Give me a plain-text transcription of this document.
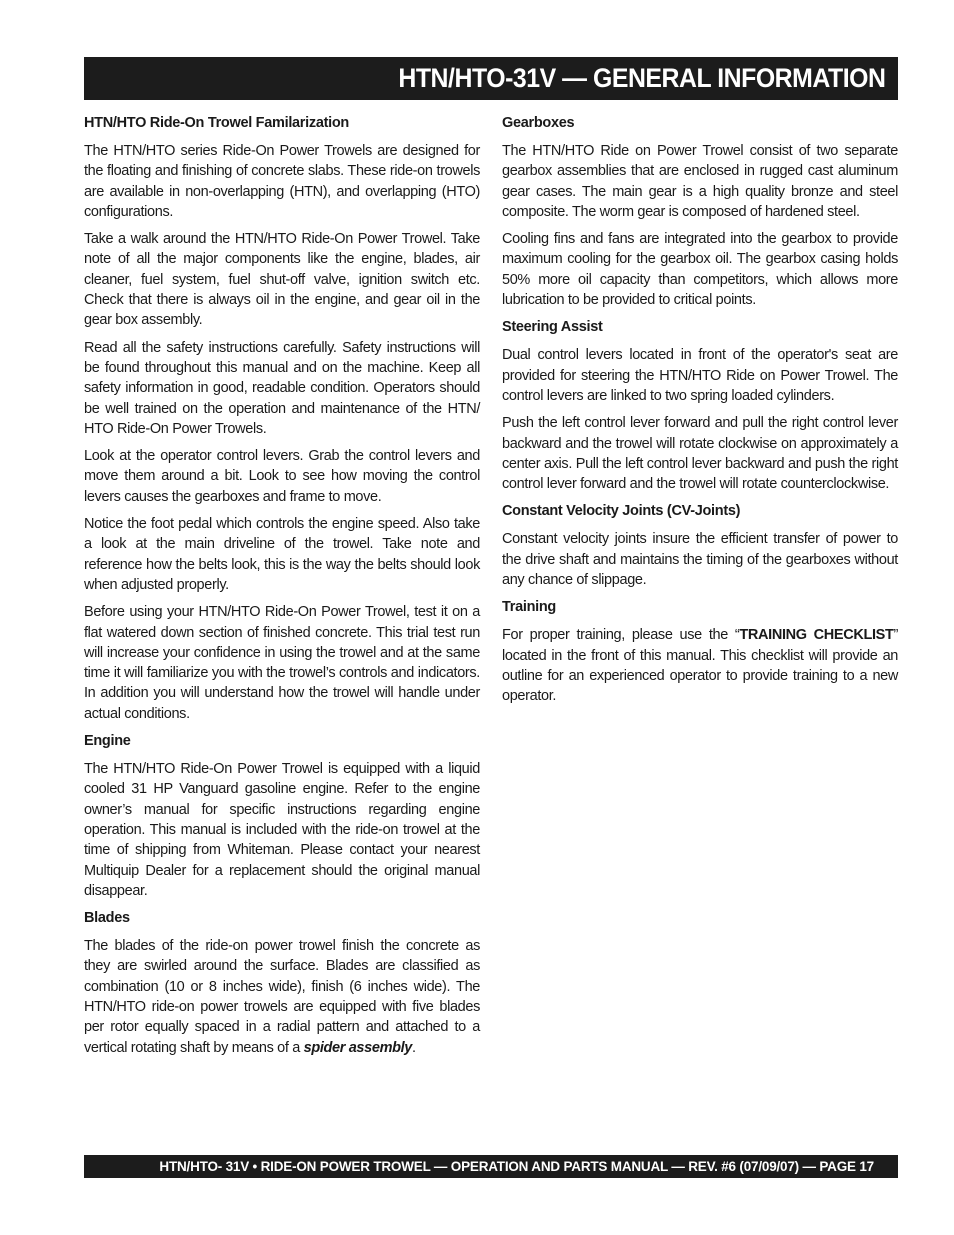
HTN/HTO-31V — GENERAL INFORMATION
HTN/HTO Ride-On Trowel Familarization

The HTN/HTO series Ride-On Power Trowels are designed for the floating and finishing of concrete slabs. These ride-on trowels are available in non-overlapping (HTN), and overlapping (HTO) configurations.

Take a walk around the HTN/HTO Ride-On Power Trowel. Take note of all the major components like the engine, blades, air cleaner, fuel system, fuel shut-off valve, ignition switch etc. Check that there is always oil in the engine, and gear oil in the gear box assembly.

Read all the safety instructions carefully. Safety instructions will be found throughout this manual and on the machine. Keep all safety information in good, readable condition. Operators should be well trained on the operation and maintenance of the HTN/ HTO Ride-On Power Trowels.

Look at the operator control levers. Grab the control levers and move them around a bit. Look to see how moving the control levers causes the gearboxes and frame to move.

Notice the foot pedal which controls the engine speed. Also take a look at the main driveline of the trowel. Take note and reference how the belts look, this is the way the belts should look when adjusted properly.

Before using your HTN/HTO Ride-On Power Trowel, test it on a flat watered down section of finished concrete. This trial test run will increase your confidence in using the trowel and at the same time it will familiarize you with the trowel’s controls and indicators. In addition you will understand how the trowel will handle under actual conditions.

Engine

The HTN/HTO Ride-On Power Trowel is equipped with a liquid cooled 31 HP Vanguard gasoline engine. Refer to the engine owner’s manual for specific instructions regarding engine operation. This manual is included with the ride-on trowel at the time of shipping from Whiteman. Please contact your nearest Multiquip Dealer for a replacement should the original manual disappear.

Blades

The blades of the ride-on power trowel finish the concrete as they are swirled around the surface. Blades are classified as combination (10 or 8 inches wide), finish (6 inches wide). The HTN/HTO ride-on power trowels are equipped with five blades per rotor equally spaced in a radial pattern and attached to a vertical rotating shaft by means of a spider assembly.

Gearboxes

The HTN/HTO Ride on Power Trowel consist of two separate gearbox assemblies that are enclosed in rugged cast aluminum gear cases. The main gear is a high quality bronze and steel composite. The worm gear is composed of hardened steel.

Cooling fins and fans are integrated into the gearbox to provide maximum cooling for the gearbox oil. The gearbox casing holds 50% more oil capacity than competitors, which allows more lubrication to be provided to critical points.

Steering Assist

Dual control levers located in front of the operator's seat are provided for steering the HTN/HTO Ride on Power Trowel. The control levers are linked to two spring loaded cylinders.

Push the left control lever forward and pull the right control lever backward and the trowel will rotate clockwise on approximately a center axis. Pull the left control lever backward and push the right control lever forward and the trowel will rotate counterclockwise.

Constant Velocity Joints (CV-Joints)

Constant velocity joints insure the efficient transfer of power to the drive shaft and maintains the timing of the gearboxes without any chance of slippage.

Training

For proper training, please use the “TRAINING CHECKLIST” located in the front of this manual. This checklist will provide an outline for an experienced operator to provide training to a new operator.

HTN/HTO- 31V • RIDE-ON POWER TROWEL — OPERATION AND PARTS MANUAL — REV. #6 (07/09/07) — PAGE 17
